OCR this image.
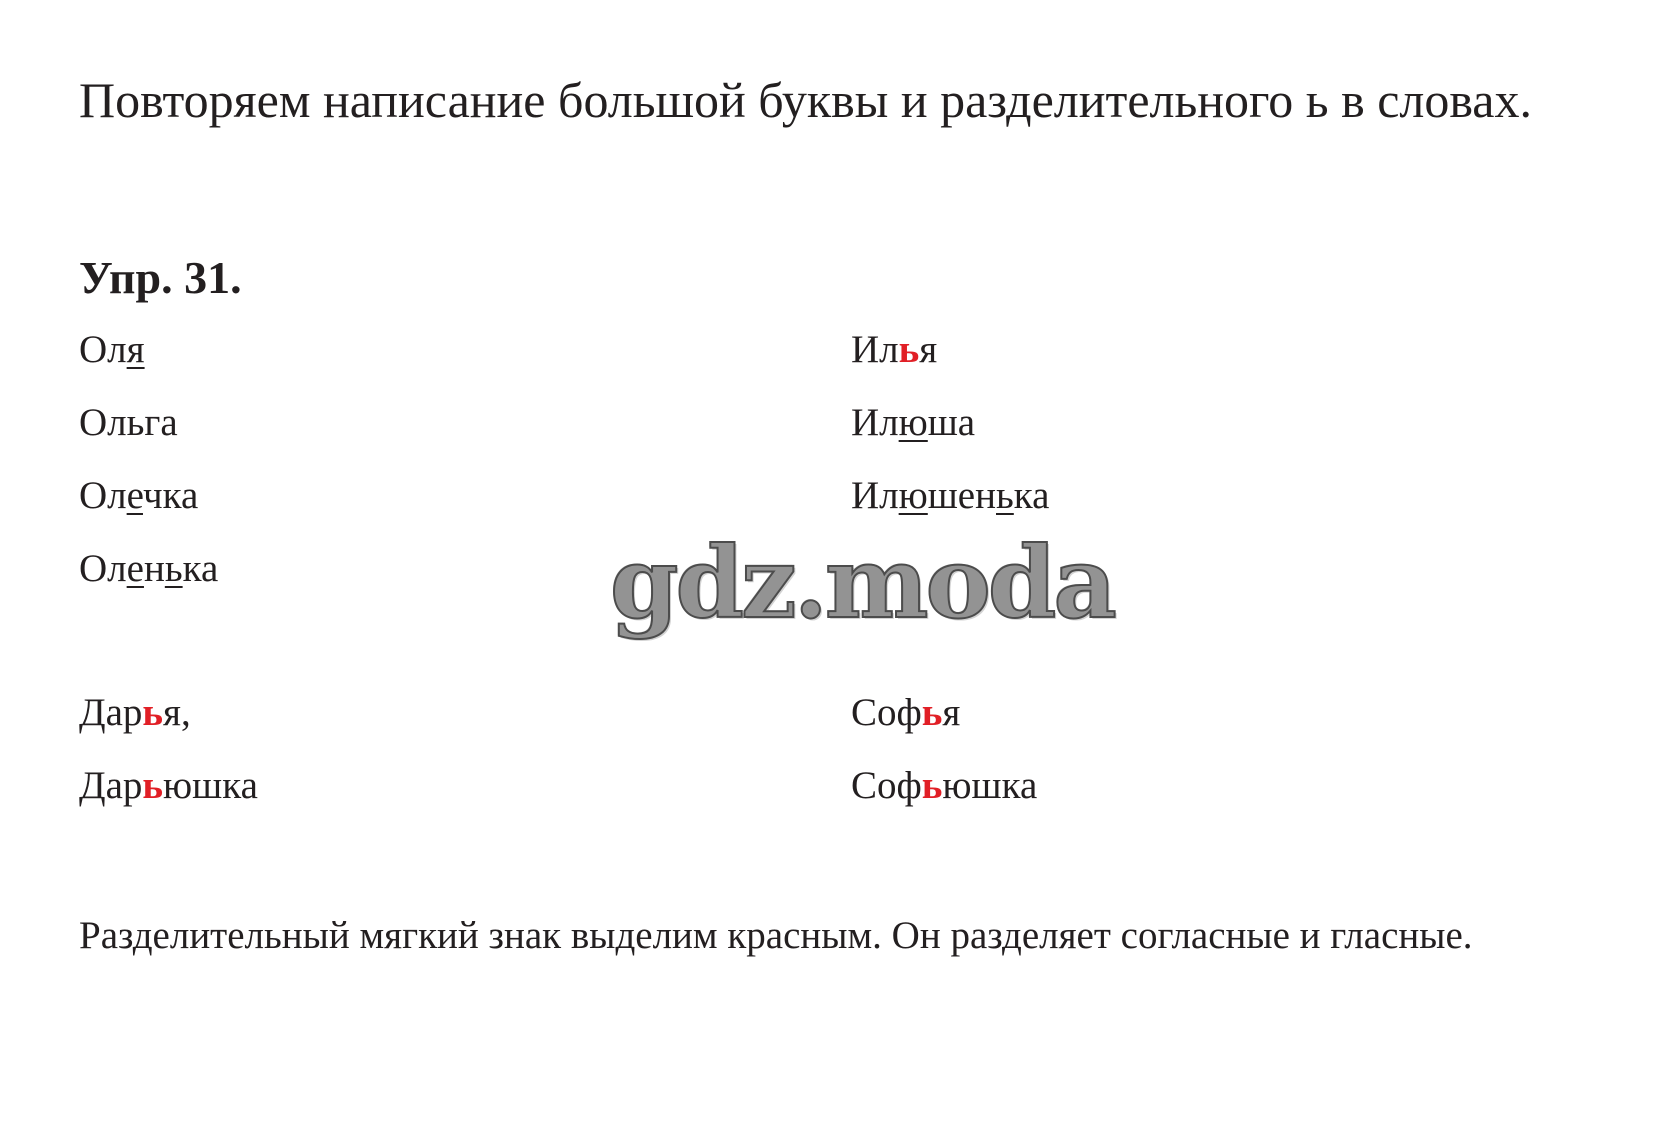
Повторяем написание большой буквы и разделительного ь в словах.
Упр. 31.
Оля
Ольга
Олечка
Оленька
Илья
Илюша
Илюшенька
Дарья,
Дарьюшка
Софья
Софьюшка

Разделительный мягкий знак выделим красным. Он разделяет согласные и гласные.

gdz.moda
